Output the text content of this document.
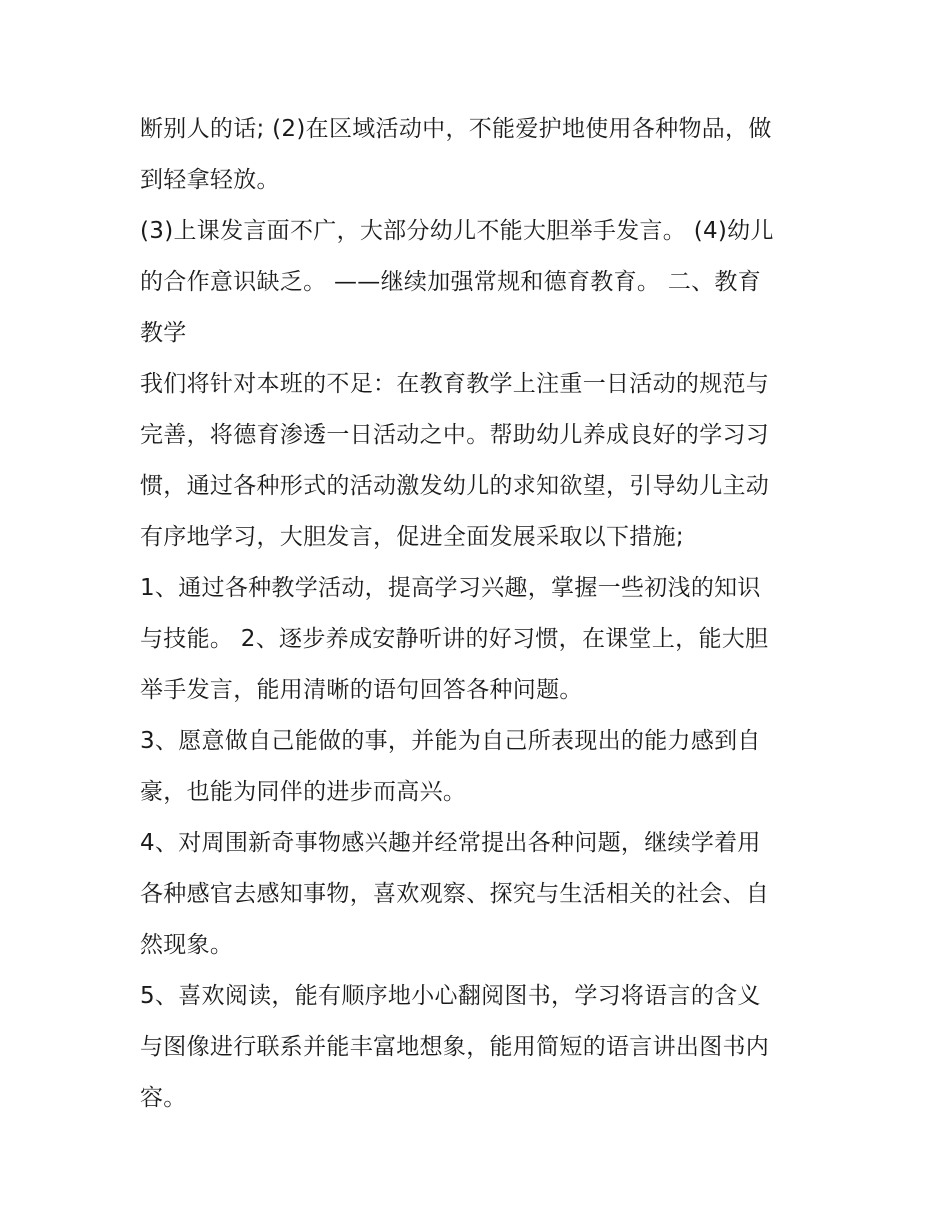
断别人的话; (2)在区域活动中，不能爱护地使用各种物品，做
到轻拿轻放。

(3)上课发言面不广，大部分幼儿不能大胆举手发言。 (4)幼儿
的合作意识缺乏。 ——继续加强常规和德育教育。 二、教育
教学

我们将针对本班的不足：在教育教学上注重一日活动的规范与
完善，将德育渗透一日活动之中。帮助幼儿养成良好的学习习
惯，通过各种形式的活动激发幼儿的求知欲望，引导幼儿主动
有序地学习，大胆发言，促进全面发展采取以下措施;

1、通过各种教学活动，提高学习兴趣，掌握一些初浅的知识
与技能。 2、逐步养成安静听讲的好习惯，在课堂上，能大胆
举手发言，能用清晰的语句回答各种问题。

3、愿意做自己能做的事，并能为自己所表现出的能力感到自
豪，也能为同伴的进步而高兴。

4、对周围新奇事物感兴趣并经常提出各种问题，继续学着用
各种感官去感知事物，喜欢观察、探究与生活相关的社会、自
然现象。

5、喜欢阅读，能有顺序地小心翻阅图书，学习将语言的含义
与图像进行联系并能丰富地想象，能用简短的语言讲出图书内
容。
